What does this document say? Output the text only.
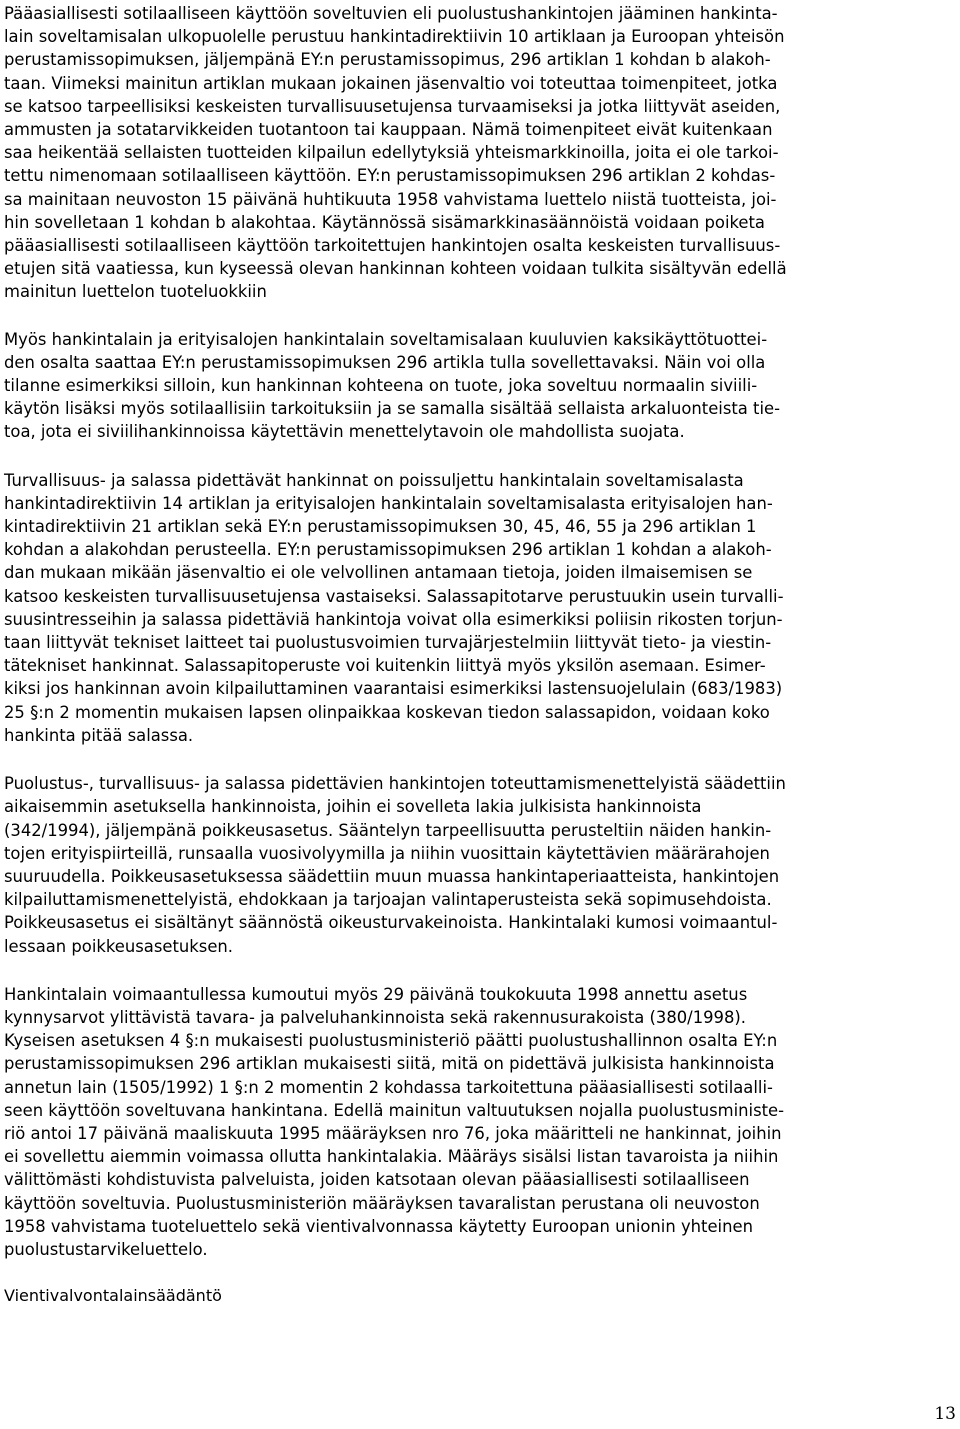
Pääasiallisesti sotilaalliseen käyttöön soveltuvien eli puolustushankintojen jääminen hankinta-
lain soveltamisalan ulkopuolelle perustuu hankintadirektiivin 10 artiklaan ja Euroopan yhteisön
perustamissopimuksen, jäljempänä EY:n perustamissopimus, 296 artiklan 1 kohdan b alakoh-
taan. Viimeksi mainitun artiklan mukaan jokainen jäsenvaltio voi toteuttaa toimenpiteet, jotka
se katsoo tarpeellisiksi keskeisten turvallisuusetujensa turvaamiseksi ja jotka liittyvät aseiden,
ammusten ja sotatarvikkeiden tuotantoon tai kauppaan. Nämä toimenpiteet eivät kuitenkaan
saa heikentää sellaisten tuotteiden kilpailun edellytyksiä yhteismarkkinoilla, joita ei ole tarkoi-
tettu nimenomaan sotilaalliseen käyttöön. EY:n perustamissopimuksen 296 artiklan 2 kohdas-
sa mainitaan neuvoston 15 päivänä huhtikuuta 1958 vahvistama luettelo niistä tuotteista, joi-
hin sovelletaan 1 kohdan b alakohtaa. Käytännössä sisämarkkinasäännöistä voidaan poiketa
pääasiallisesti sotilaalliseen käyttöön tarkoitettujen hankintojen osalta keskeisten turvallisuus-
etujen sitä vaatiessa, kun kyseessä olevan hankinnan kohteen voidaan tulkita sisältyvän edellä
mainitun luettelon tuoteluokkiin

Myös hankintalain ja erityisalojen hankintalain soveltamisalaan kuuluvien kaksikäyttötuottei-
den osalta saattaa EY:n perustamissopimuksen 296 artikla tulla sovellettavaksi. Näin voi olla
tilanne esimerkiksi silloin, kun hankinnan kohteena on tuote, joka soveltuu normaalin siviili-
käytön lisäksi myös sotilaallisiin tarkoituksiin ja se samalla sisältää sellaista arkaluonteista tie-
toa, jota ei siviilihankinnoissa käytettävin menettelytavoin ole mahdollista suojata.

Turvallisuus- ja salassa pidettävät hankinnat on poissuljettu hankintalain soveltamisalasta
hankintadirektiivin 14 artiklan ja erityisalojen hankintalain soveltamisalasta erityisalojen han-
kintadirektiivin 21 artiklan sekä EY:n perustamissopimuksen 30, 45, 46, 55 ja 296 artiklan 1
kohdan a alakohdan perusteella. EY:n perustamissopimuksen 296 artiklan 1 kohdan a alakoh-
dan mukaan mikään jäsenvaltio ei ole velvollinen antamaan tietoja, joiden ilmaisemisen se
katsoo keskeisten turvallisuusetujensa vastaiseksi. Salassapitotarve perustuukin usein turvalli-
suusintresseihin ja salassa pidettäviä hankintoja voivat olla esimerkiksi poliisin rikosten torjun-
taan liittyvät tekniset laitteet tai puolustusvoimien turvajärjestelmiin liittyvät tieto- ja viestin-
tätekniset hankinnat. Salassapitoperuste voi kuitenkin liittyä myös yksilön asemaan. Esimer-
kiksi jos hankinnan avoin kilpailuttaminen vaarantaisi esimerkiksi lastensuojelulain (683/1983)
25 §:n 2 momentin mukaisen lapsen olinpaikkaa koskevan tiedon salassapidon, voidaan koko
hankinta pitää salassa.

Puolustus-, turvallisuus- ja salassa pidettävien hankintojen toteuttamismenettelyistä säädettiin
aikaisemmin asetuksella hankinnoista, joihin ei sovelleta lakia julkisista hankinnoista
(342/1994), jäljempänä poikkeusasetus. Sääntelyn tarpeellisuutta perusteltiin näiden hankin-
tojen erityispiirteillä, runsaalla vuosivolyymilla ja niihin vuosittain käytettävien määrärahojen
suuruudella. Poikkeusasetuksessa säädettiin muun muassa hankintaperiaatteista, hankintojen
kilpailuttamismenettelyistä, ehdokkaan ja tarjoajan valintaperusteista sekä sopimusehdoista.
Poikkeusasetus ei sisältänyt säännöstä oikeusturvakeinoista. Hankintalaki kumosi voimaantul-
lessaan poikkeusasetuksen.

Hankintalain voimaantullessa kumoutui myös 29 päivänä toukokuuta 1998 annettu asetus
kynnysarvot ylittävistä tavara- ja palveluhankinnoista sekä rakennusurakoista (380/1998).
Kyseisen asetuksen 4 §:n mukaisesti puolustusministeriö päätti puolustushallinnon osalta EY:n
perustamissopimuksen 296 artiklan mukaisesti siitä, mitä on pidettävä julkisista hankinnoista
annetun lain (1505/1992) 1 §:n 2 momentin 2 kohdassa tarkoitettuna pääasiallisesti sotilaalli-
seen käyttöön soveltuvana hankintana. Edellä mainitun valtuutuksen nojalla puolustusministe-
riö antoi 17 päivänä maaliskuuta 1995 määräyksen nro 76, joka määritteli ne hankinnat, joihin
ei sovellettu aiemmin voimassa ollutta hankintalakia. Määräys sisälsi listan tavaroista ja niihin
välittömästi kohdistuvista palveluista, joiden katsotaan olevan pääasiallisesti sotilaalliseen
käyttöön soveltuvia. Puolustusministeriön määräyksen tavaralistan perustana oli neuvoston
1958 vahvistama tuoteluettelo sekä vientivalvonnassa käytetty Euroopan unionin yhteinen
puolustustarvikeluettelo.

Vientivalvontalainsäädäntö

13
